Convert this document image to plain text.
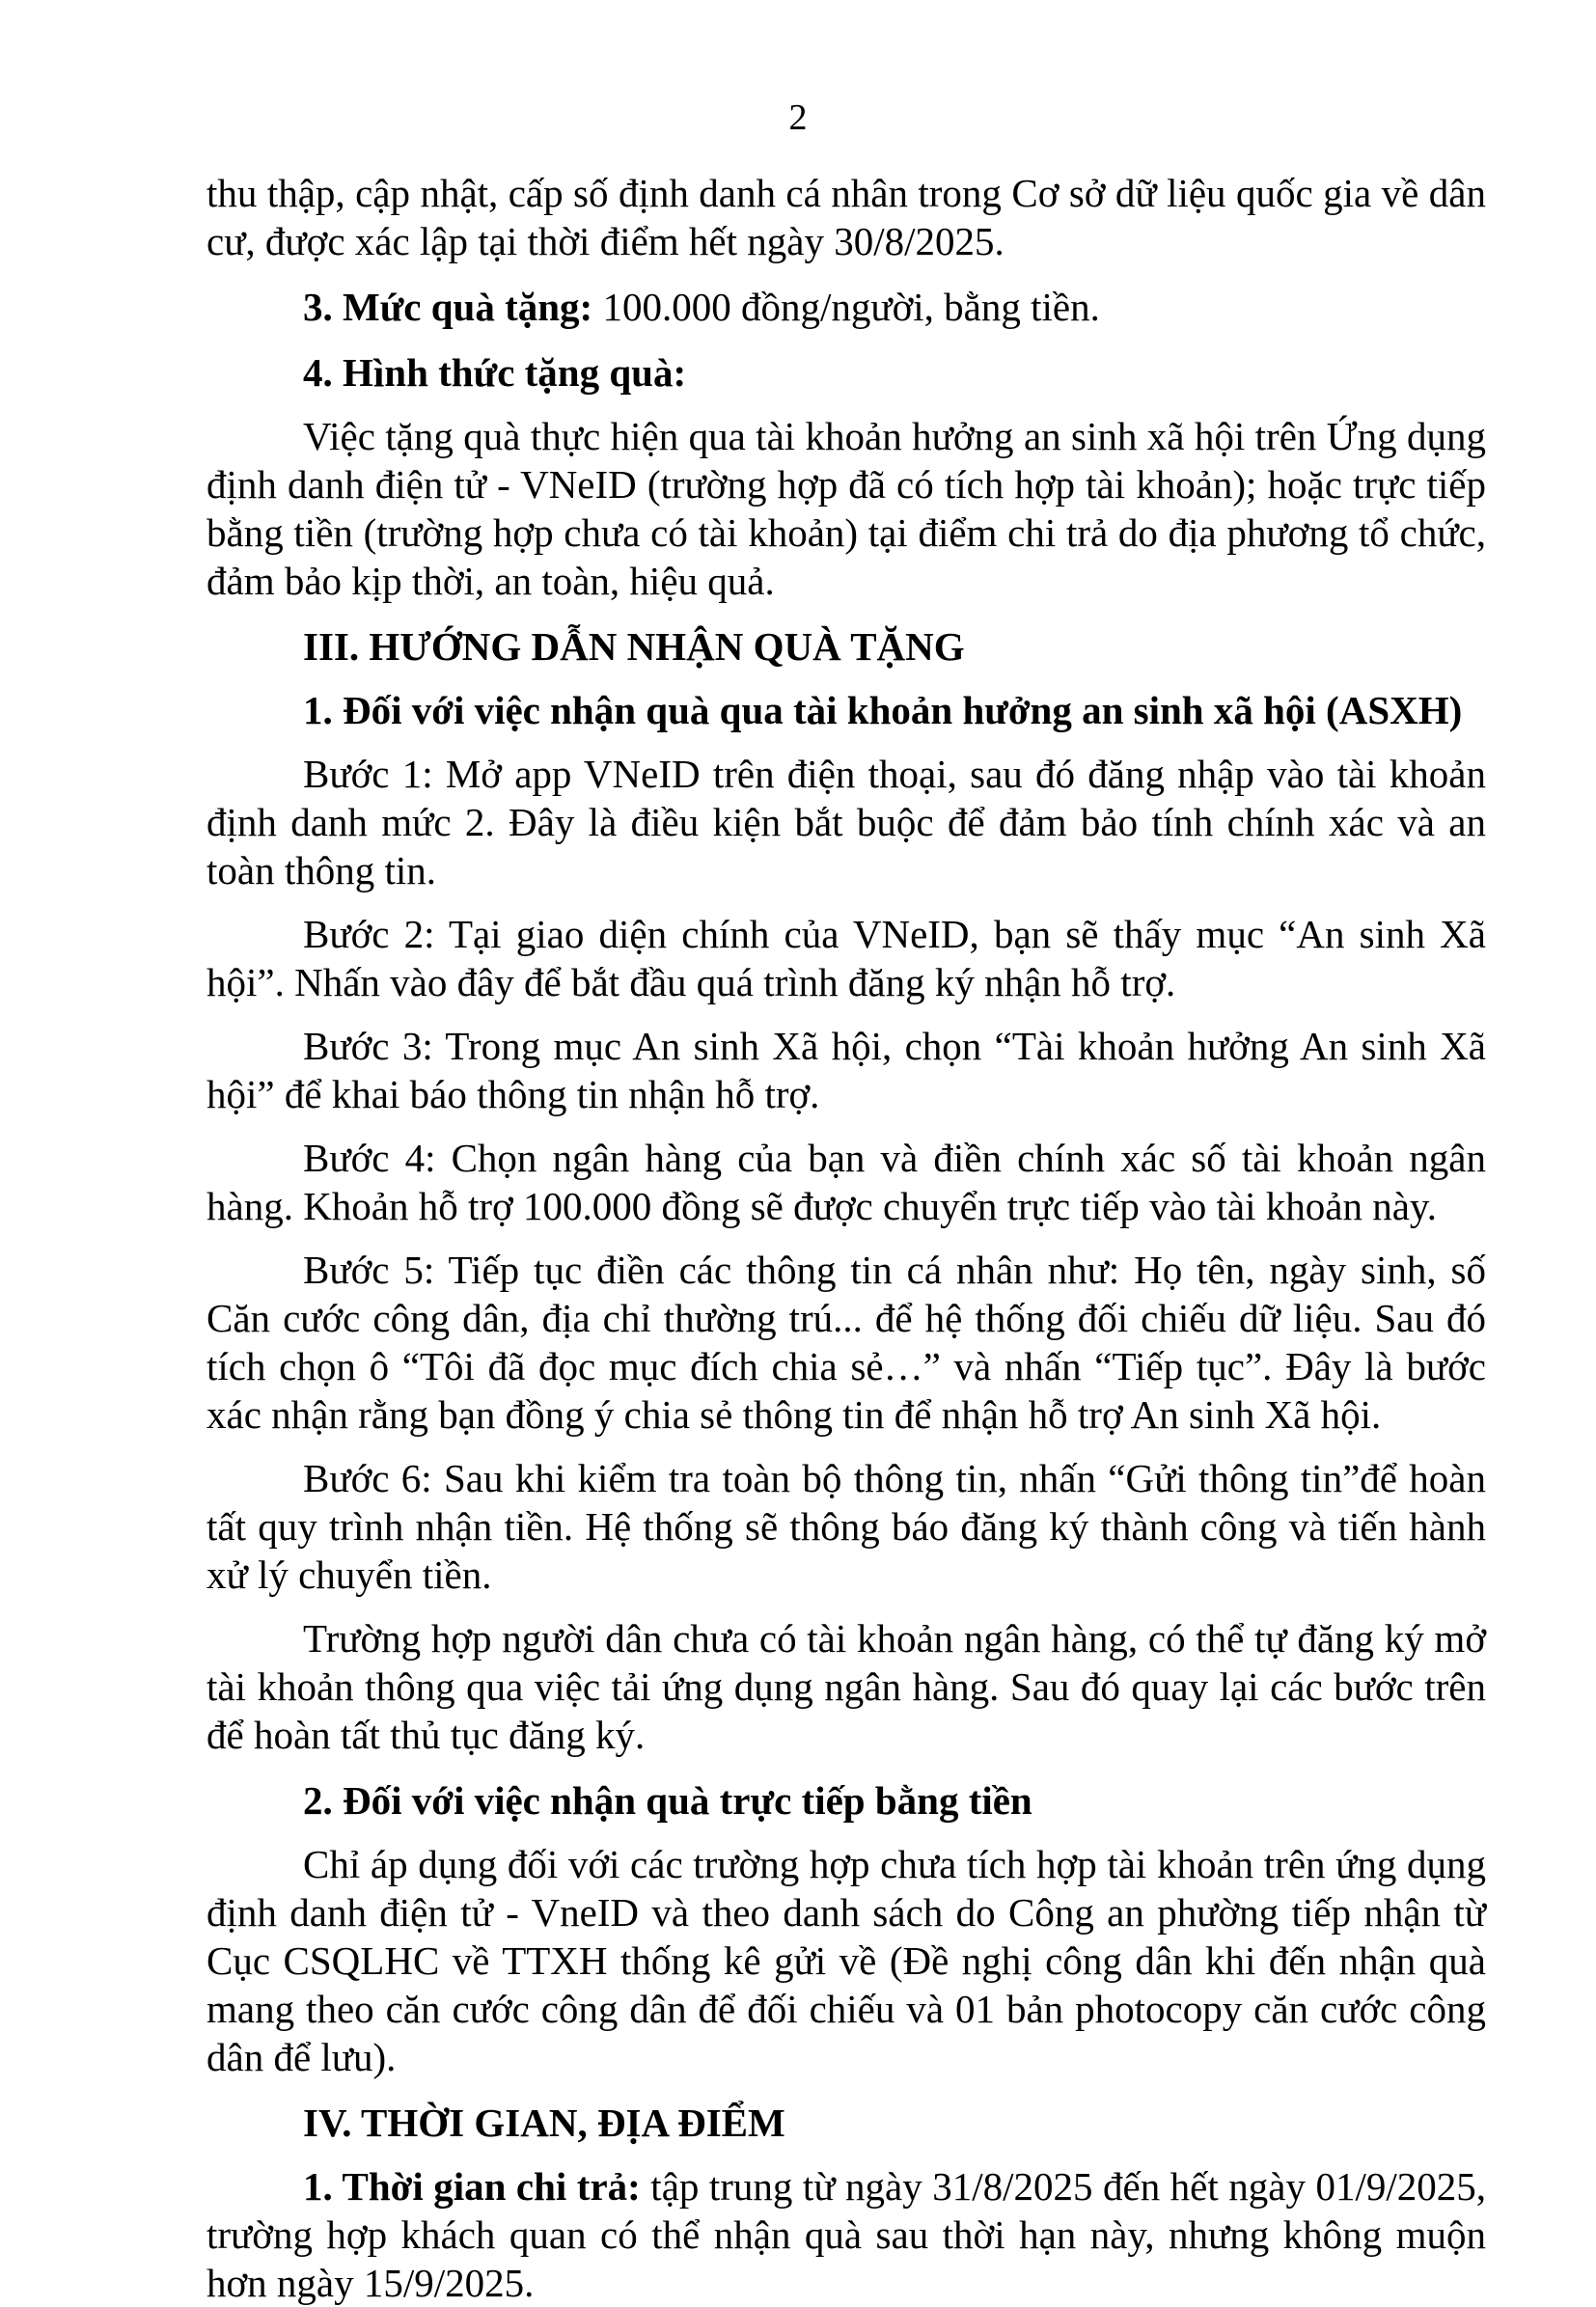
2

thu thập, cập nhật, cấp số định danh cá nhân trong Cơ sở dữ liệu quốc gia về dân cư, được xác lập tại thời điểm hết ngày 30/8/2025.

3. Mức quà tặng: 100.000 đồng/người, bằng tiền.

4. Hình thức tặng quà:

Việc tặng quà thực hiện qua tài khoản hưởng an sinh xã hội trên Ứng dụng định danh điện tử - VNeID (trường hợp đã có tích hợp tài khoản); hoặc trực tiếp bằng tiền (trường hợp chưa có tài khoản) tại điểm chi trả do địa phương tổ chức, đảm bảo kịp thời, an toàn, hiệu quả.

III. HƯỚNG DẪN NHẬN QUÀ TẶNG

1. Đối với việc nhận quà qua tài khoản hưởng an sinh xã hội (ASXH)

Bước 1: Mở app VNeID trên điện thoại, sau đó đăng nhập vào tài khoản định danh mức 2. Đây là điều kiện bắt buộc để đảm bảo tính chính xác và an toàn thông tin.

Bước 2: Tại giao diện chính của VNeID, bạn sẽ thấy mục “An sinh Xã hội”. Nhấn vào đây để bắt đầu quá trình đăng ký nhận hỗ trợ.

Bước 3: Trong mục An sinh Xã hội, chọn “Tài khoản hưởng An sinh Xã hội” để khai báo thông tin nhận hỗ trợ.

Bước 4: Chọn ngân hàng của bạn và điền chính xác số tài khoản ngân hàng. Khoản hỗ trợ 100.000 đồng sẽ được chuyển trực tiếp vào tài khoản này.

Bước 5: Tiếp tục điền các thông tin cá nhân như: Họ tên, ngày sinh, số Căn cước công dân, địa chỉ thường trú... để hệ thống đối chiếu dữ liệu. Sau đó tích chọn ô “Tôi đã đọc mục đích chia sẻ…” và nhấn “Tiếp tục”. Đây là bước xác nhận rằng bạn đồng ý chia sẻ thông tin để nhận hỗ trợ An sinh Xã hội.

Bước 6: Sau khi kiểm tra toàn bộ thông tin, nhấn “Gửi thông tin”để hoàn tất quy trình nhận tiền. Hệ thống sẽ thông báo đăng ký thành công và tiến hành xử lý chuyển tiền.

Trường hợp người dân chưa có tài khoản ngân hàng, có thể tự đăng ký mở tài khoản thông qua việc tải ứng dụng ngân hàng. Sau đó quay lại các bước trên để hoàn tất thủ tục đăng ký.

2. Đối với việc nhận quà trực tiếp bằng tiền

Chỉ áp dụng đối với các trường hợp chưa tích hợp tài khoản trên ứng dụng định danh điện tử - VneID và theo danh sách do Công an phường tiếp nhận từ Cục CSQLHC về TTXH thống kê gửi về (Đề nghị công dân khi đến nhận quà mang theo căn cước công dân để đối chiếu và 01 bản photocopy căn cước công dân để lưu).

IV. THỜI GIAN, ĐỊA ĐIỂM

1. Thời gian chi trả: tập trung từ ngày 31/8/2025 đến hết ngày 01/9/2025, trường hợp khách quan có thể nhận quà sau thời hạn này, nhưng không muộn hơn ngày 15/9/2025.
